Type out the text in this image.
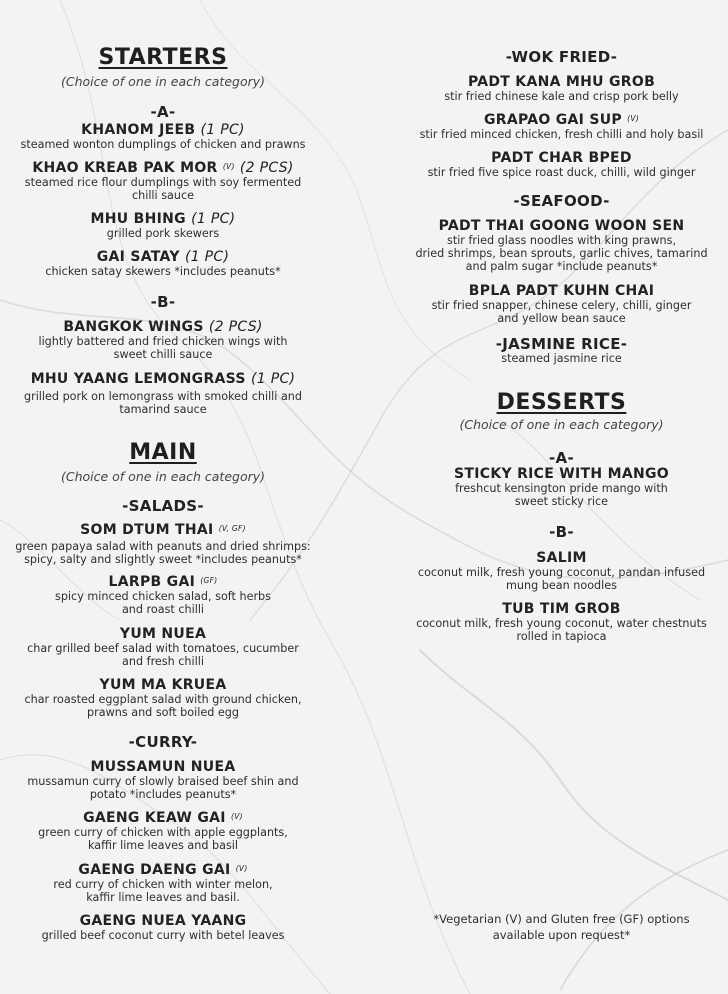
STARTERS
(Choice of one in each category)
-A-
KHANOM JEEB (1 PC)
steamed wonton dumplings of chicken and prawns
KHAO KREAB PAK MOR $^{(V)}$ (2 PCS)
steamed rice flour dumplings with soy fermented
chilli sauce
MHU BHING (1 PC)
grilled pork skewers
GAI SATAY (1 PC)
chicken satay skewers *includes peanuts*
-B-
BANGKOK WINGS (2 PCS)
lightly battered and fried chicken wings with
sweet chilli sauce
MHU YAANG LEMONGRASS (1 PC)
grilled pork on lemongrass with smoked chilli and
tamarind sauce
MAIN
(Choice of one in each category)
-SALADS-
SOM DTUM THAI $^{(V, GF)}$
green papaya salad with peanuts and dried shrimps:
spicy, salty and slightly sweet *includes peanuts*
LARPB GAI $^{(GF)}$
spicy minced chicken salad, soft herbs
and roast chilli
YUM NUEA
char grilled beef salad with tomatoes, cucumber
and fresh chilli
YUM MA KRUEA
char roasted eggplant salad with ground chicken,
prawns and soft boiled egg
-CURRY-
MUSSAMUN NUEA
mussamun curry of slowly braised beef shin and
potato *includes peanuts*
GAENG KEAW GAI $^{(V)}$
green curry of chicken with apple eggplants,
kaffir lime leaves and basil
GAENG DAENG GAI $^{(V)}$
red curry of chicken with winter melon,
kaffir lime leaves and basil.
GAENG NUEA YAANG
grilled beef coconut curry with betel leaves
-WOK FRIED-
PADT KANA MHU GROB
stir fried chinese kale and crisp pork belly
GRAPAO GAI SUP $^{(V)}$
stir fried minced chicken, fresh chilli and holy basil
PADT CHAR BPED
stir fried five spice roast duck, chilli, wild ginger
-SEAFOOD-
PADT THAI GOONG WOON SEN
stir fried glass noodles with king prawns,
dried shrimps, bean sprouts, garlic chives, tamarind
and palm sugar *include peanuts*
BPLA PADT KUHN CHAI
stir fried snapper, chinese celery, chilli, ginger
and yellow bean sauce
-JASMINE RICE-
steamed jasmine rice
DESSERTS
(Choice of one in each category)
-A-
STICKY RICE WITH MANGO
freshcut kensington pride mango with
sweet sticky rice
-B-
SALIM
coconut milk, fresh young coconut, pandan infused
mung bean noodles
TUB TIM GROB
coconut milk, fresh young coconut, water chestnuts
rolled in tapioca
*Vegetarian (V) and Gluten free (GF) options
available upon request*
